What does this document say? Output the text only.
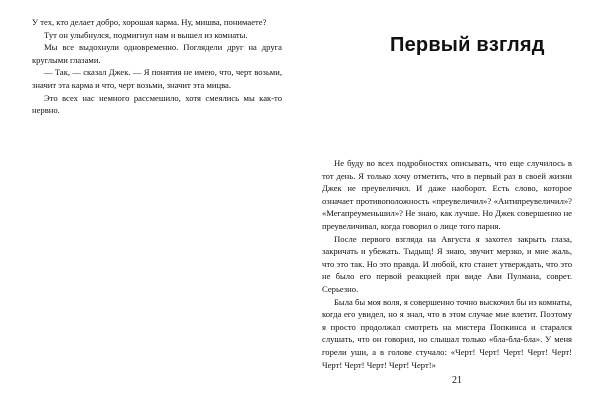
У тех, кто делает добро, хорошая карма. Ну, мишва, понимаете?

Тут он улыбнулся, подмигнул нам и вышел из комнаты.

Мы все выдохнули одновременно. Поглядели друг на друга круглыми глазами.

— Так, — сказал Джек. — Я понятия не имею, что, черт возьми, значит эта карма и что, черт возьми, значит эта мицва.

Это всех нас немного рассмешило, хотя смеялись мы как-то нервно.

Первый взгляд

Не буду во всех подробностях описывать, что еще случилось в тот день. Я только хочу отметить, что в первый раз в своей жизни Джек не преувеличил. И даже наоборот. Есть слово, которое означает противоположность «преувеличил»? «Антипреувеличил»? «Мегапреуменьшил»? Не знаю, как лучше. Но Джек совершенно не преувеличивал, когда говорил о лице того парня.

После первого взгляда на Августа я захотел закрыть глаза, закричать и убежать. Тыдыщ! Я знаю, звучит мерзко, и мне жаль, что это так. Но это правда. И любой, кто станет утверждать, что это не было его первой реакцией при виде Ави Пулмана, соврет. Серьезно.

Была бы моя воля, я совершенно точно выскочил бы из комнаты, когда его увидел, но я знал, что в этом случае мне влетит. Поэтому я просто продолжал смотреть на мистера Попкинса и старался слушать, что он говорил, но слышал только «бла-бла-бла». У меня горели уши, а в голове стучало: «Черт! Черт! Черт! Черт! Черт! Черт! Черт! Черт! Черт! Черт!»

21
